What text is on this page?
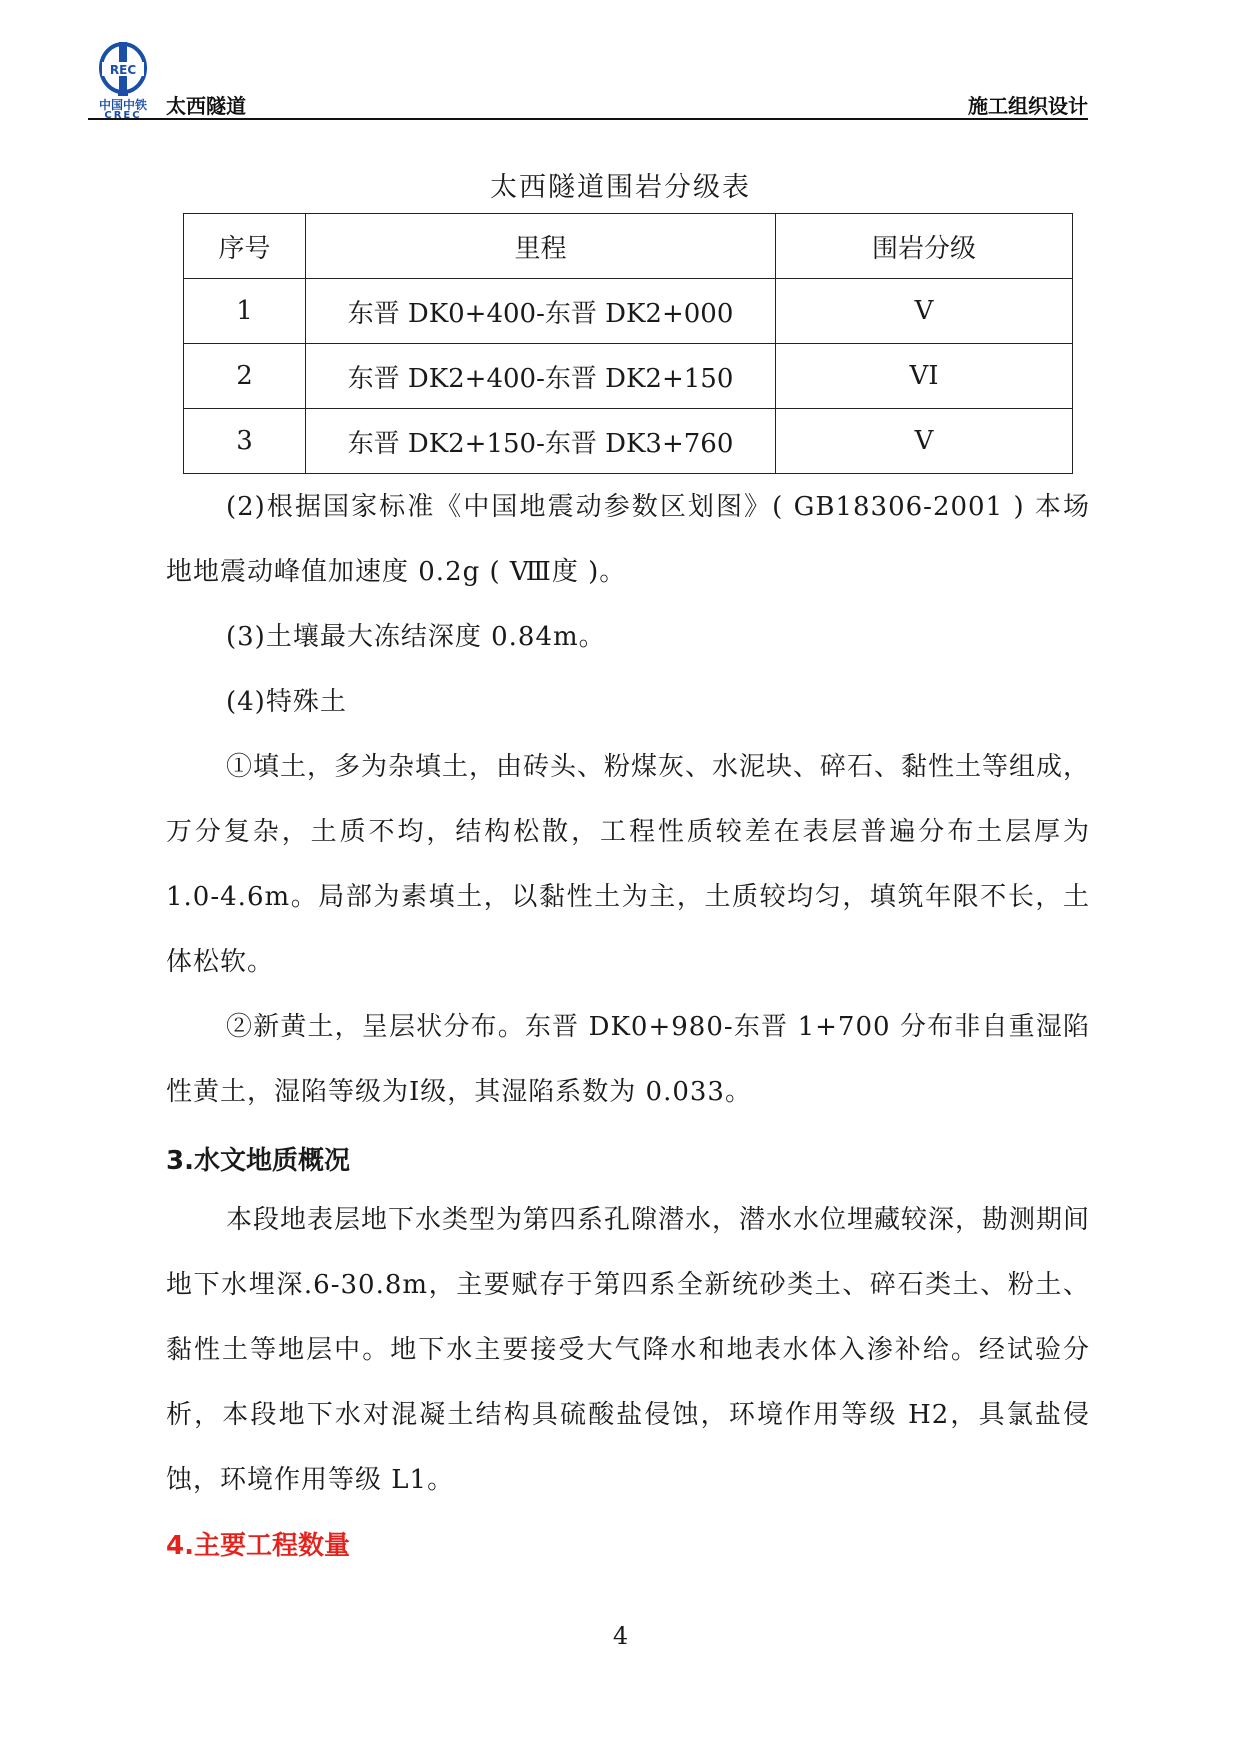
REC
中国中铁
CREC	太西隧道	施工组织设计
太西隧道围岩分级表
序号	里程	围岩分级
1	东晋 DK0+400-东晋 DK2+000	V
2	东晋 DK2+400-东晋 DK2+150	VI
3	东晋 DK2+150-东晋 DK3+760	V
(2)根据国家标准《中国地震动参数区划图》( GB18306-2001 ) 本场地地震动峰值加速度 0.2g ( Ⅷ度 )。
(3)土壤最大冻结深度 0.84m。
(4)特殊土
①填土，多为杂填土，由砖头、粉煤灰、水泥块、碎石、黏性土等组成，万分复杂，土质不均，结构松散，工程性质较差在表层普遍分布土层厚为 1.0-4.6m。局部为素填土，以黏性土为主，土质较均匀，填筑年限不长，土体松软。
②新黄土，呈层状分布。东晋 DK0+980-东晋 1+700 分布非自重湿陷性黄土，湿陷等级为Ⅰ级，其湿陷系数为 0.033。
3.水文地质概况
本段地表层地下水类型为第四系孔隙潜水，潜水水位埋藏较深，勘测期间地下水埋深.6-30.8m，主要赋存于第四系全新统砂类土、碎石类土、粉土、黏性土等地层中。地下水主要接受大气降水和地表水体入渗补给。经试验分析，本段地下水对混凝土结构具硫酸盐侵蚀，环境作用等级 H2，具氯盐侵蚀，环境作用等级 L1。
4.主要工程数量
4
